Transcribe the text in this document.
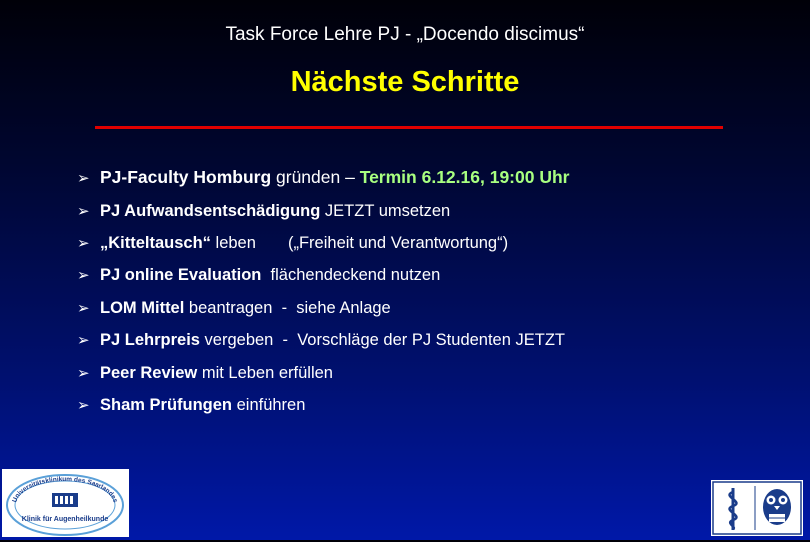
Task Force Lehre PJ - „Docendo discimus“
Nächste Schritte
➢ PJ-Faculty Homburg gründen – Termin 6.12.16, 19:00 Uhr
➢ PJ Aufwandsentschädigung JETZT umsetzen
➢ „Kitteltausch“ leben       („Freiheit und Verantwortung“)
➢ PJ online Evaluation  flächendeckend nutzen
➢ LOM Mittel beantragen  -  siehe Anlage
➢ PJ Lehrpreis vergeben  -  Vorschläge der PJ Studenten JETZT
➢ Peer Review mit Leben erfüllen
➢ Sham Prüfungen einführen
Universitätsklinikum des Saarlandes
Klinik für Augenheilkunde
